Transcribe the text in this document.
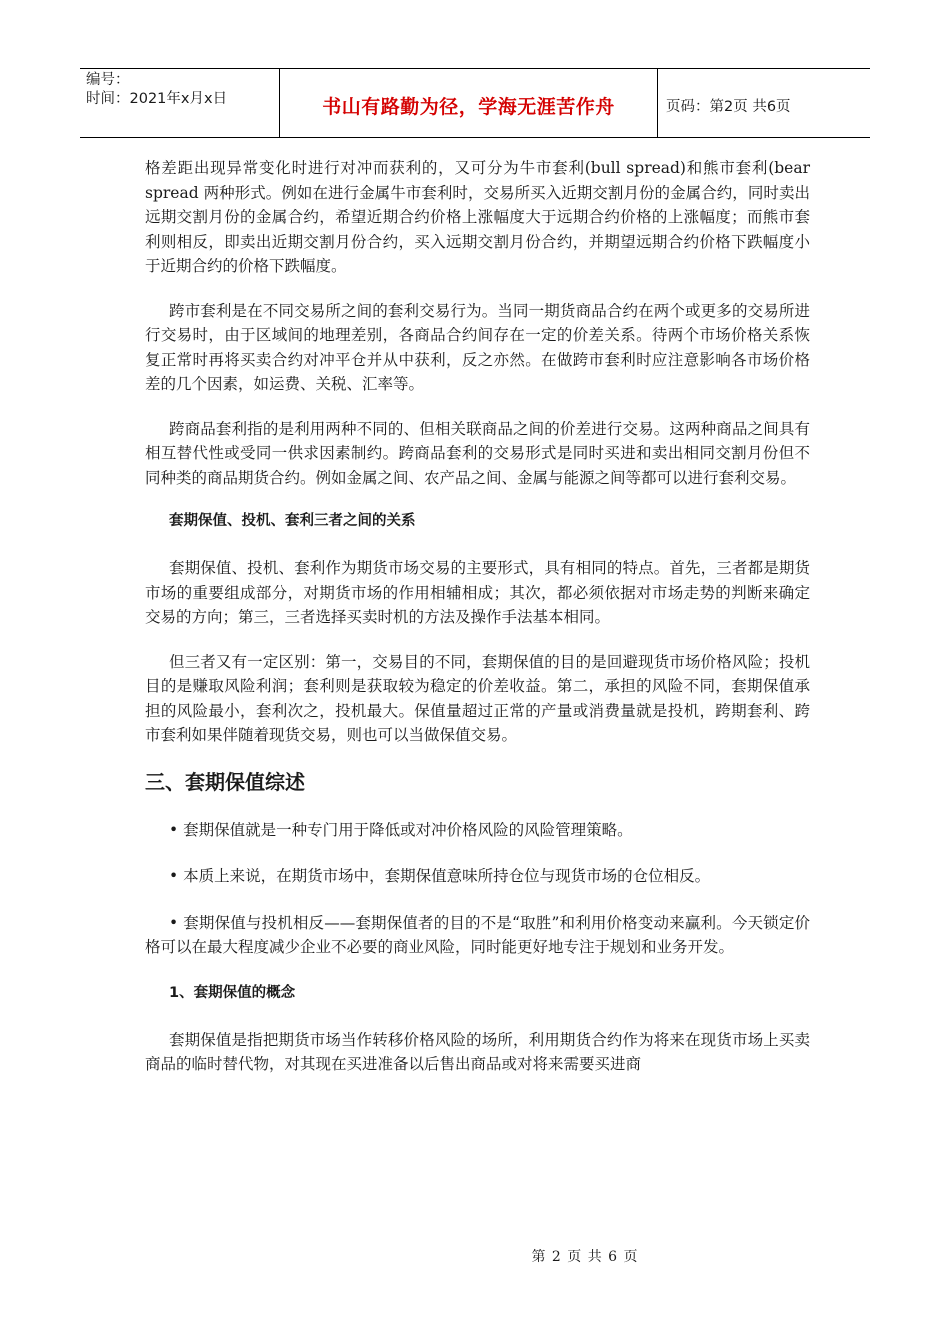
编号：
时间：2021年x月x日	书山有路勤为径，学海无涯苦作舟	页码：第2页 共6页

格差距出现异常变化时进行对冲而获利的，又可分为牛市套利(bull spread)和熊市套利(bear spread 两种形式。例如在进行金属牛市套利时，交易所买入近期交割月份的金属合约，同时卖出远期交割月份的金属合约，希望近期合约价格上涨幅度大于远期合约价格的上涨幅度；而熊市套利则相反，即卖出近期交割月份合约，买入远期交割月份合约，并期望远期合约价格下跌幅度小于近期合约的价格下跌幅度。

跨市套利是在不同交易所之间的套利交易行为。当同一期货商品合约在两个或更多的交易所进行交易时，由于区域间的地理差别，各商品合约间存在一定的价差关系。待两个市场价格关系恢复正常时再将买卖合约对冲平仓并从中获利，反之亦然。在做跨市套利时应注意影响各市场价格差的几个因素，如运费、关税、汇率等。

跨商品套利指的是利用两种不同的、但相关联商品之间的价差进行交易。这两种商品之间具有相互替代性或受同一供求因素制约。跨商品套利的交易形式是同时买进和卖出相同交割月份但不同种类的商品期货合约。例如金属之间、农产品之间、金属与能源之间等都可以进行套利交易。

套期保值、投机、套利三者之间的关系

套期保值、投机、套利作为期货市场交易的主要形式，具有相同的特点。首先，三者都是期货市场的重要组成部分，对期货市场的作用相辅相成；其次，都必须依据对市场走势的判断来确定交易的方向；第三，三者选择买卖时机的方法及操作手法基本相同。

但三者又有一定区别：第一，交易目的不同，套期保值的目的是回避现货市场价格风险；投机目的是赚取风险利润；套利则是获取较为稳定的价差收益。第二，承担的风险不同，套期保值承担的风险最小，套利次之，投机最大。保值量超过正常的产量或消费量就是投机，跨期套利、跨市套利如果伴随着现货交易，则也可以当做保值交易。

三、套期保值综述

• 套期保值就是一种专门用于降低或对冲价格风险的风险管理策略。

• 本质上来说，在期货市场中，套期保值意味所持仓位与现货市场的仓位相反。

• 套期保值与投机相反——套期保值者的目的不是“取胜”和利用价格变动来赢利。今天锁定价格可以在最大程度减少企业不必要的商业风险，同时能更好地专注于规划和业务开发。

1、套期保值的概念

套期保值是指把期货市场当作转移价格风险的场所，利用期货合约作为将来在现货市场上买卖商品的临时替代物，对其现在买进准备以后售出商品或对将来需要买进商

第 2 页 共 6 页
